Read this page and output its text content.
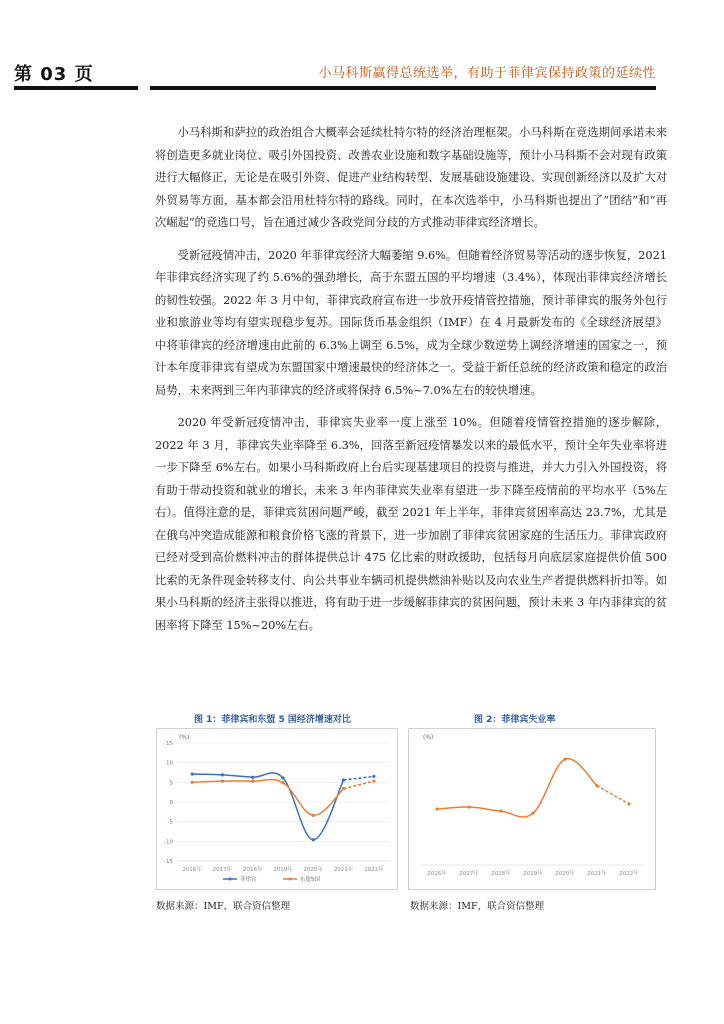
第 03 页	小马科斯赢得总统选举，有助于菲律宾保持政策的延续性

小马科斯和萨拉的政治组合大概率会延续杜特尔特的经济治理框架。小马科斯在竞选期间承诺未来将创造更多就业岗位、吸引外国投资、改善农业设施和数字基础设施等，预计小马科斯不会对现有政策进行大幅修正，无论是在吸引外资、促进产业结构转型、发展基础设施建设、实现创新经济以及扩大对外贸易等方面，基本都会沿用杜特尔特的路线。同时，在本次选举中，小马科斯也提出了“团结”和“再次崛起”的竞选口号，旨在通过减少各政党间分歧的方式推动菲律宾经济增长。

受新冠疫情冲击，2020 年菲律宾经济大幅萎缩 9.6%。但随着经济贸易等活动的逐步恢复，2021 年菲律宾经济实现了约 5.6%的强劲增长，高于东盟五国的平均增速（3.4%），体现出菲律宾经济增长的韧性较强。2022 年 3 月中旬，菲律宾政府宣布进一步放开疫情管控措施，预计菲律宾的服务外包行业和旅游业等均有望实现稳步复苏。国际货币基金组织（IMF）在 4 月最新发布的《全球经济展望》中将菲律宾的经济增速由此前的 6.3%上调至 6.5%，成为全球少数逆势上调经济增速的国家之一，预计本年度菲律宾有望成为东盟国家中增速最快的经济体之一。受益于新任总统的经济政策和稳定的政治局势，未来两到三年内菲律宾的经济或将保持 6.5%~7.0%左右的较快增速。

2020 年受新冠疫情冲击，菲律宾失业率一度上涨至 10%。但随着疫情管控措施的逐步解除，2022 年 3 月，菲律宾失业率降至 6.3%，回落至新冠疫情暴发以来的最低水平，预计全年失业率将进一步下降至 6%左右。如果小马科斯政府上台后实现基建项目的投资与推进，并大力引入外国投资，将有助于带动投资和就业的增长，未来 3 年内菲律宾失业率有望进一步下降至疫情前的平均水平（5%左右）。值得注意的是，菲律宾贫困问题严峻，截至 2021 年上半年，菲律宾贫困率高达 23.7%，尤其是在俄乌冲突造成能源和粮食价格飞涨的背景下，进一步加剧了菲律宾贫困家庭的生活压力。菲律宾政府已经对受到高价燃料冲击的群体提供总计 475 亿比索的财政援助，包括每月向底层家庭提供价值 500 比索的无条件现金转移支付、向公共事业车辆司机提供燃油补贴以及向农业生产者提供燃料折扣等。如果小马科斯的经济主张得以推进，将有助于进一步缓解菲律宾的贫困问题，预计未来 3 年内菲律宾的贫困率将下降至 15%~20%左右。

图 1：菲律宾和东盟 5 国经济增速对比
(%)
15
10
5
0
-5
-10
-15
2016年 2017年 2018年 2019年 2020年 2021年 2022年
菲律宾	东盟5国
数据来源：IMF，联合资信整理
图 2：菲律宾失业率
(%)
2016年 2017年 2018年 2019年 2020年 2021年 2022年
数据来源：IMF，联合资信整理
